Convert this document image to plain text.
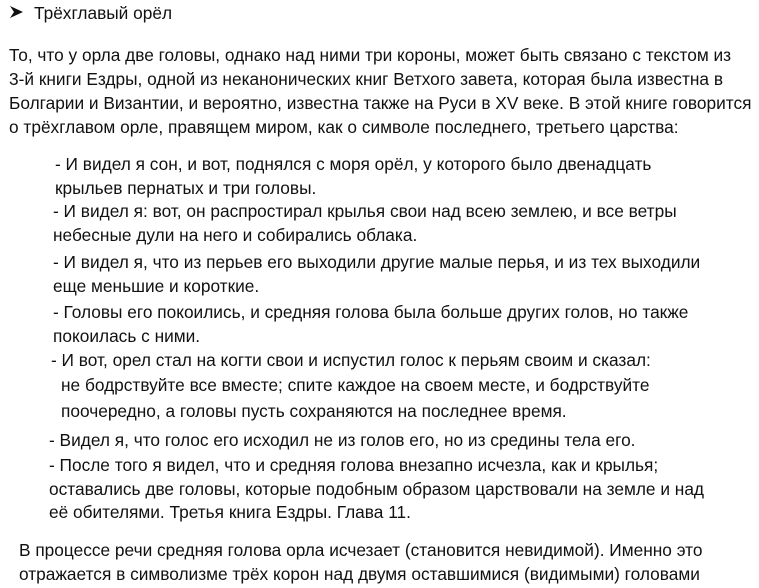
Трёхглавый орёл
То, что у орла две головы, однако над ними три короны, может быть связано с текстом из
3-й книги Ездры, одной из неканонических книг Ветхого завета, которая была известна в
Болгарии и Византии, и вероятно, известна также на Руси в XV веке. В этой книге говорится
о трёхглавом орле, правящем миром, как о символе последнего, третьего царства:
- И видел я сон, и вот, поднялся с моря орёл, у которого было двенадцать
крыльев пернатых и три головы.
- И видел я: вот, он распростирал крылья свои над всею землею, и все ветры
небесные дули на него и собирались облака.
- И видел я, что из перьев его выходили другие малые перья, и из тех выходили
еще меньшие и короткие.
- Головы его покоились, и средняя голова была больше других голов, но также
покоилась с ними.
- И вот, орел стал на когти свои и испустил голос к перьям своим и сказал:
не бодрствуйте все вместе; спите каждое на своем месте, и бодрствуйте
поочередно, а головы пусть сохраняются на последнее время.
- Видел я, что голос его исходил не из голов его, но из средины тела его.
- После того я видел, что и средняя голова внезапно исчезла, как и крылья;
оставались две головы, которые подобным образом царствовали на земле и над
её обителями. Третья книга Ездры. Глава 11.
В процессе речи средняя голова орла исчезает (становится невидимой). Именно это
отражается в символизме трёх корон над двумя оставшимися (видимыми) головами
